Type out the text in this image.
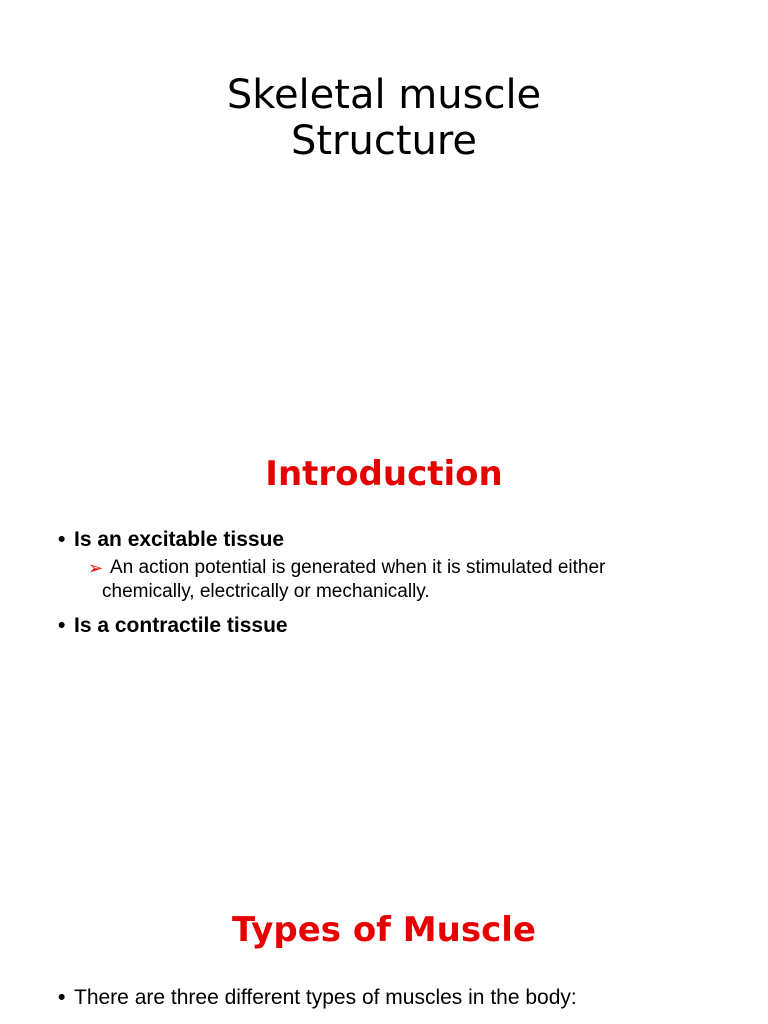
Skeletal muscle
Structure
Introduction
• Is an excitable tissue
➢ An action potential is generated when it is stimulated either
chemically, electrically or mechanically.
• Is a contractile tissue
Types of Muscle
• There are three different types of muscles in the body:
